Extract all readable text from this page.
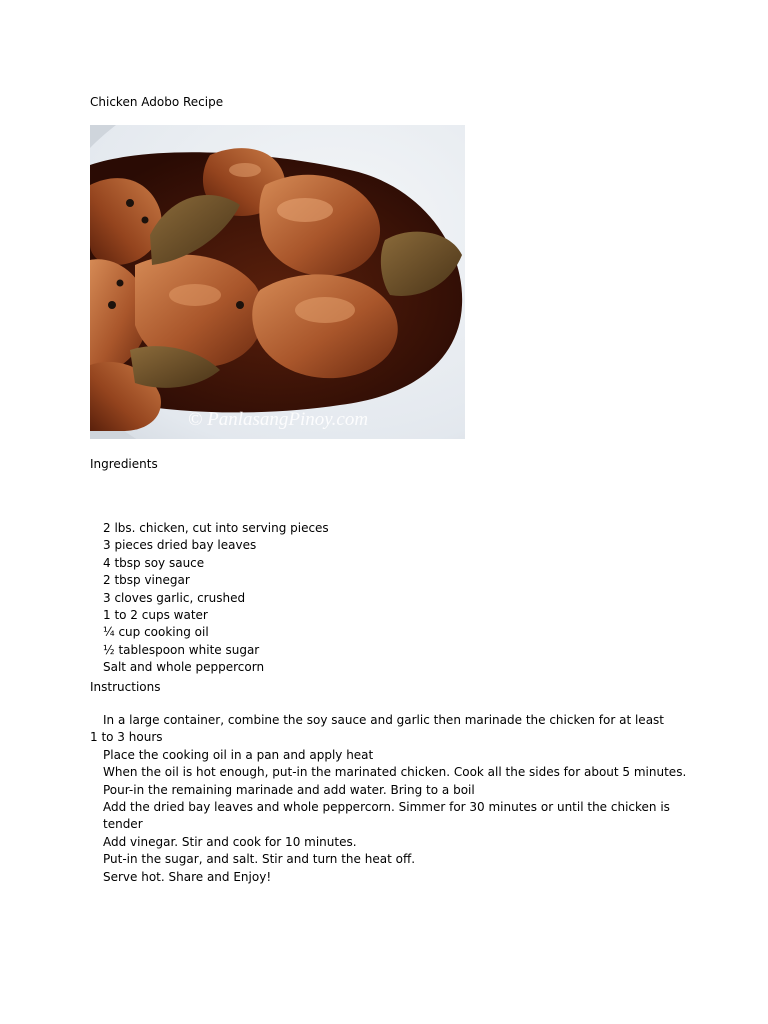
Chicken Adobo Recipe

© PanlasangPinoy.com

Ingredients

2 lbs. chicken, cut into serving pieces
3 pieces dried bay leaves
4 tbsp soy sauce
2 tbsp vinegar
3 cloves garlic, crushed
1 to 2 cups water
¼ cup cooking oil
½ tablespoon white sugar
Salt and whole peppercorn

Instructions

In a large container, combine the soy sauce and garlic then marinade the chicken for at least 1 to 3 hours
Place the cooking oil in a pan and apply heat
When the oil is hot enough, put-in the marinated chicken. Cook all the sides for about 5 minutes.
Pour-in the remaining marinade and add water. Bring to a boil
Add the dried bay leaves and whole peppercorn. Simmer for 30 minutes or until the chicken is tender
Add vinegar. Stir and cook for 10 minutes.
Put-in the sugar, and salt. Stir and turn the heat off.
Serve hot. Share and Enjoy!
